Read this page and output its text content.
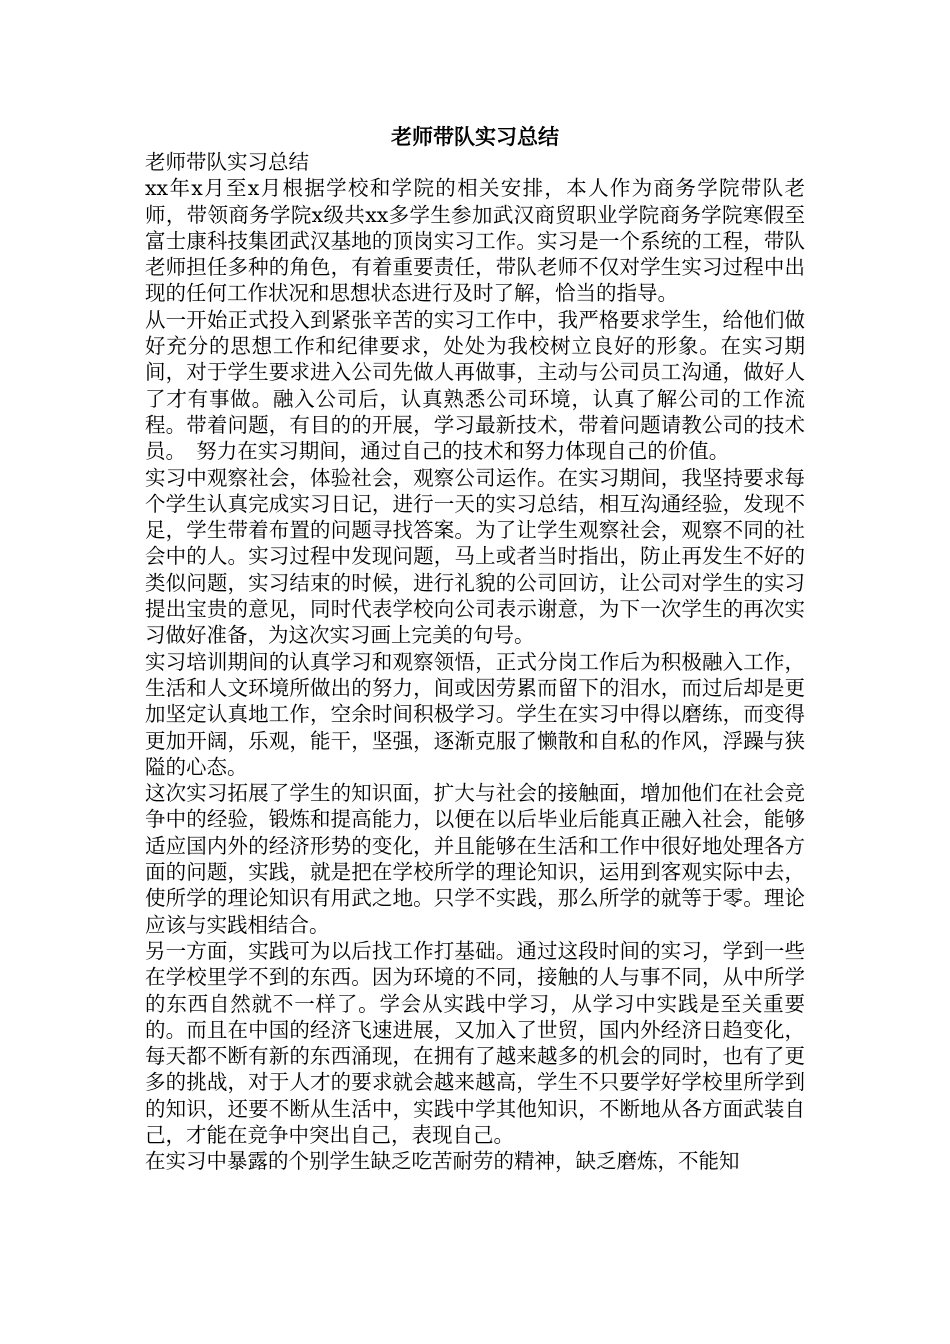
老师带队实习总结

老师带队实习总结

xx年x月至x月根据学校和学院的相关安排，本人作为商务学院带队老师，带领商务学院x级共xx多学生参加武汉商贸职业学院商务学院寒假至富士康科技集团武汉基地的顶岗实习工作。实习是一个系统的工程，带队老师担任多种的角色，有着重要责任，带队老师不仅对学生实习过程中出现的任何工作状况和思想状态进行及时了解，恰当的指导。

从一开始正式投入到紧张辛苦的实习工作中，我严格要求学生，给他们做好充分的思想工作和纪律要求，处处为我校树立良好的形象。在实习期间，对于学生要求进入公司先做人再做事，主动与公司员工沟通，做好人了才有事做。融入公司后，认真熟悉公司环境，认真了解公司的工作流程。带着问题，有目的的开展，学习最新技术，带着问题请教公司的技术员。　努力在实习期间，通过自己的技术和努力体现自己的价值。

实习中观察社会，体验社会，观察公司运作。在实习期间，我坚持要求每个学生认真完成实习日记，进行一天的实习总结，相互沟通经验，发现不足，学生带着布置的问题寻找答案。为了让学生观察社会，观察不同的社会中的人。实习过程中发现问题，马上或者当时指出，防止再发生不好的类似问题，实习结束的时候，进行礼貌的公司回访，让公司对学生的实习提出宝贵的意见，同时代表学校向公司表示谢意，为下一次学生的再次实习做好准备，为这次实习画上完美的句号。

实习培训期间的认真学习和观察领悟，正式分岗工作后为积极融入工作，生活和人文环境所做出的努力，间或因劳累而留下的泪水，而过后却是更加坚定认真地工作，空余时间积极学习。学生在实习中得以磨练，而变得更加开阔，乐观，能干，坚强，逐渐克服了懒散和自私的作风，浮躁与狭隘的心态。

这次实习拓展了学生的知识面，扩大与社会的接触面，增加他们在社会竞争中的经验，锻炼和提高能力，以便在以后毕业后能真正融入社会，能够适应国内外的经济形势的变化，并且能够在生活和工作中很好地处理各方面的问题，实践，就是把在学校所学的理论知识，运用到客观实际中去，使所学的理论知识有用武之地。只学不实践，那么所学的就等于零。理论应该与实践相结合。

另一方面，实践可为以后找工作打基础。通过这段时间的实习，学到一些在学校里学不到的东西。因为环境的不同，接触的人与事不同，从中所学的东西自然就不一样了。学会从实践中学习，从学习中实践是至关重要的。而且在中国的经济飞速进展，又加入了世贸，国内外经济日趋变化，每天都不断有新的东西涌现，在拥有了越来越多的机会的同时，也有了更多的挑战，对于人才的要求就会越来越高，学生不只要学好学校里所学到的知识，还要不断从生活中，实践中学其他知识，不断地从各方面武装自己，才能在竞争中突出自己，表现自己。

在实习中暴露的个别学生缺乏吃苦耐劳的精神，缺乏磨炼，不能知
